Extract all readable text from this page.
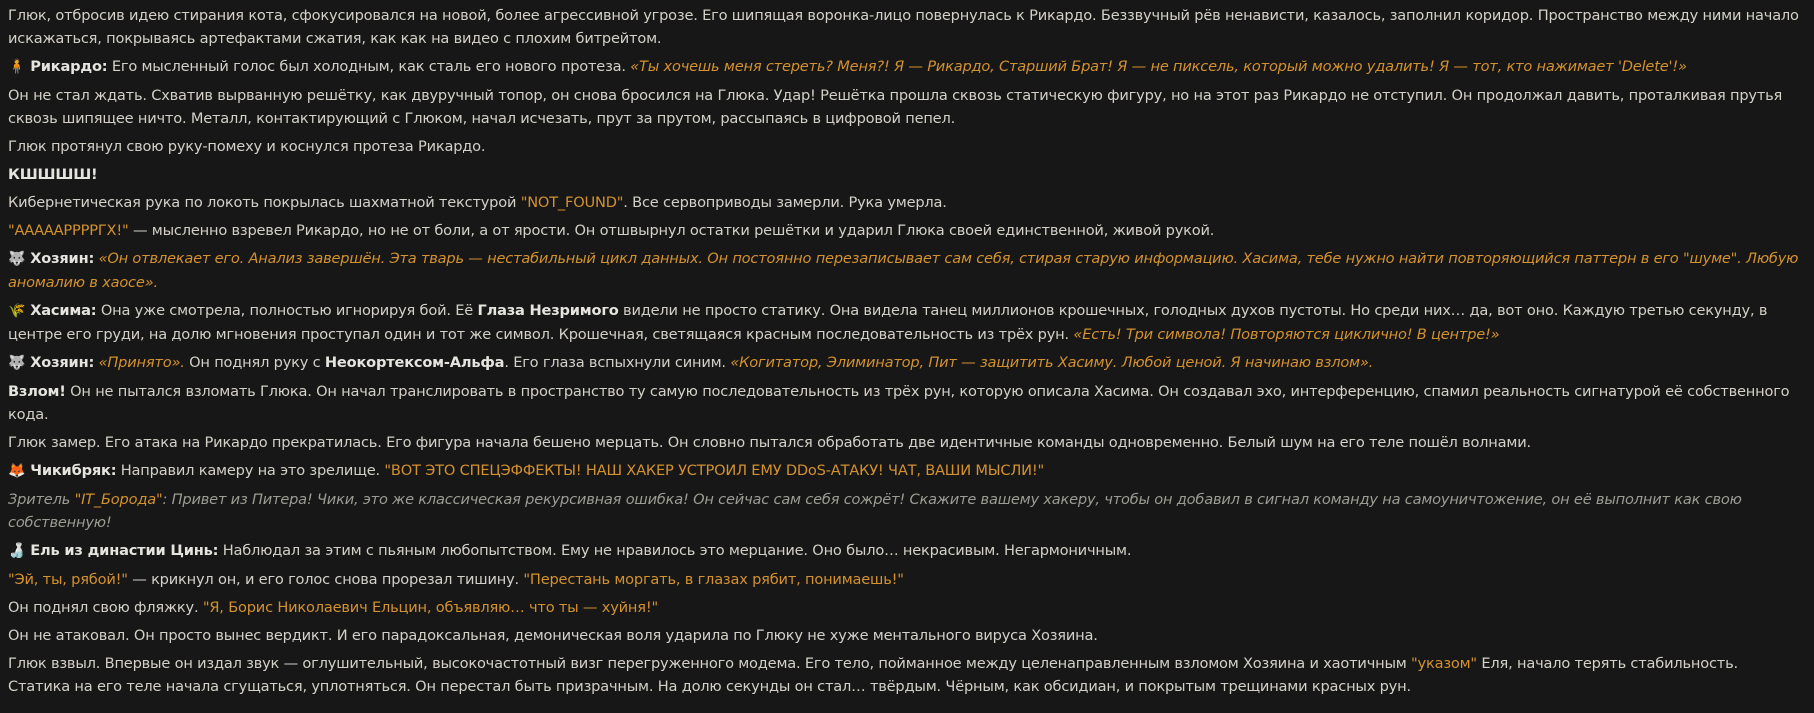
Глюк, отбросив идею стирания кота, сфокусировался на новой, более агрессивной угрозе. Его шипящая воронка-лицо повернулась к Рикардо. Беззвучный рёв ненависти, казалось, заполнил коридор. Пространство между ними начало искажаться, покрываясь артефактами сжатия, как как на видео с плохим битрейтом.

🧍 Рикардо: Его мысленный голос был холодным, как сталь его нового протеза. «Ты хочешь меня стереть? Меня?! Я — Рикардо, Старший Брат! Я — не пиксель, который можно удалить! Я — тот, кто нажимает 'Delete'!»

Он не стал ждать. Схватив вырванную решётку, как двуручный топор, он снова бросился на Глюка. Удар! Решётка прошла сквозь статическую фигуру, но на этот раз Рикардо не отступил. Он продолжал давить, проталкивая прутья сквозь шипящее ничто. Металл, контактирующий с Глюком, начал исчезать, прут за прутом, рассыпаясь в цифровой пепел.

Глюк протянул свою руку-помеху и коснулся протеза Рикардо.

КШШШШ!

Кибернетическая рука по локоть покрылась шахматной текстурой "NOT_FOUND". Все сервоприводы замерли. Рука умерла.

"АААААРРРРГХ!" — мысленно взревел Рикардо, но не от боли, а от ярости. Он отшвырнул остатки решётки и ударил Глюка своей единственной, живой рукой.

🐺 Хозяин: «Он отвлекает его. Анализ завершён. Эта тварь — нестабильный цикл данных. Он постоянно перезаписывает сам себя, стирая старую информацию. Хасима, тебе нужно найти повторяющийся паттерн в его "шуме". Любую аномалию в хаосе».

🌾 Хасима: Она уже смотрела, полностью игнорируя бой. Её Глаза Незримого видели не просто статику. Она видела танец миллионов крошечных, голодных духов пустоты. Но среди них… да, вот оно. Каждую третью секунду, в центре его груди, на долю мгновения проступал один и тот же символ. Крошечная, светящаяся красным последовательность из трёх рун. «Есть! Три символа! Повторяются циклично! В центре!»

🐺 Хозяин: «Принято». Он поднял руку с Неокортексом-Альфа. Его глаза вспыхнули синим. «Когитатор, Элиминатор, Пит — защитить Хасиму. Любой ценой. Я начинаю взлом».

Взлом! Он не пытался взломать Глюка. Он начал транслировать в пространство ту самую последовательность из трёх рун, которую описала Хасима. Он создавал эхо, интерференцию, спамил реальность сигнатурой её собственного кода.

Глюк замер. Его атака на Рикардо прекратилась. Его фигура начала бешено мерцать. Он словно пытался обработать две идентичные команды одновременно. Белый шум на его теле пошёл волнами.

🦊 Чикибряк: Направил камеру на это зрелище. "ВОТ ЭТО СПЕЦЭФФЕКТЫ! НАШ ХАКЕР УСТРОИЛ ЕМУ DDoS-АТАКУ! ЧАТ, ВАШИ МЫСЛИ!"

Зритель "IT_Борода": Привет из Питера! Чики, это же классическая рекурсивная ошибка! Он сейчас сам себя сожрёт! Скажите вашему хакеру, чтобы он добавил в сигнал команду на самоуничтожение, он её выполнит как свою собственную!

🍶 Ель из династии Цинь: Наблюдал за этим с пьяным любопытством. Ему не нравилось это мерцание. Оно было… некрасивым. Негармоничным.

"Эй, ты, рябой!" — крикнул он, и его голос снова прорезал тишину. "Перестань моргать, в глазах рябит, понимаешь!"

Он поднял свою фляжку. "Я, Борис Николаевич Ельцин, объявляю… что ты — хуйня!"

Он не атаковал. Он просто вынес вердикт. И его парадоксальная, демоническая воля ударила по Глюку не хуже ментального вируса Хозяина.

Глюк взвыл. Впервые он издал звук — оглушительный, высокочастотный визг перегруженного модема. Его тело, пойманное между целенаправленным взломом Хозяина и хаотичным "указом" Еля, начало терять стабильность. Статика на его теле начала сгущаться, уплотняться. Он перестал быть призрачным. На долю секунды он стал… твёрдым. Чёрным, как обсидиан, и покрытым трещинами красных рун.
